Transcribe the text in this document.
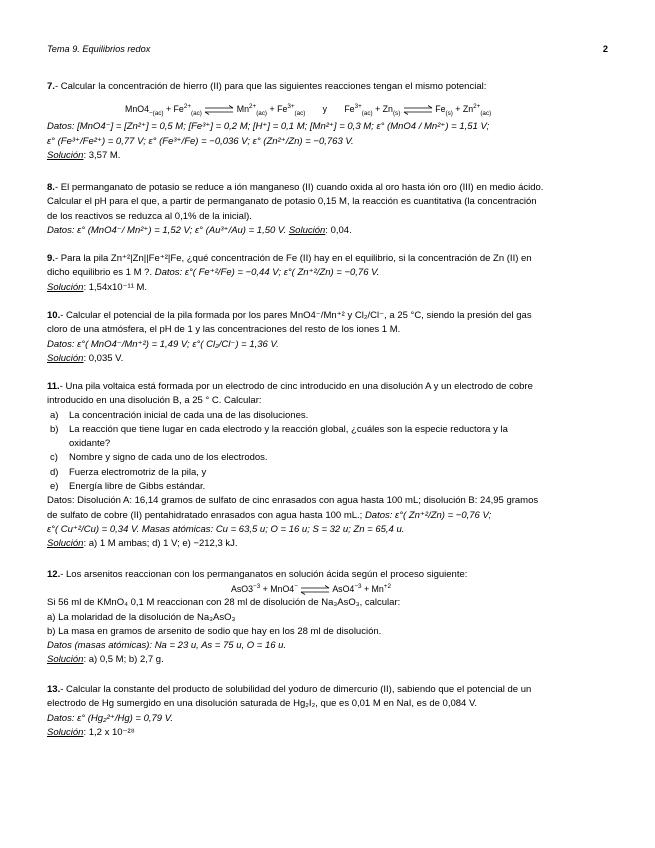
Tema 9. Equilibrios redox	2
7.- Calcular la concentración de hierro (II) para que las siguientes reacciones tengan el mismo potencial:
$MnO4_{-(ac)} + Fe^{2+}_{(ac)}$ ⇌ $Mn^{2+}_{(ac)} + Fe^{3+}_{(ac)}$ y $Fe^{3+}_{(ac)} + Zn_{(s)}$ ⇌ $Fe_{(s)} + Zn^{2+}_{(ac)}$
Datos: [MnO4⁻] = [Zn²⁺] = 0,5 M; [Fe³⁺] = 0,2 M; [H⁺] = 0,1 M; [Mn²⁺] = 0,3 M; ε° (MnO4 / Mn²⁺) = 1,51 V;
ε° (Fe³⁺/Fe²⁺) = 0,77 V; ε° (Fe³⁺/Fe) = −0,036 V; ε° (Zn²⁺/Zn) = −0,763 V.
Solución: 3,57 M.
8.- El permanganato de potasio se reduce a ión manganeso (II) cuando oxida al oro hasta ión oro (III) en medio ácido.
Calcular el pH para el que, a partir de permanganato de potasio 0,15 M, la reacción es cuantitativa (la concentración
de los reactivos se reduzca al 0,1% de la inicial).
Datos: ε° (MnO4⁻/ Mn²⁺) = 1,52 V; ε° (Au³⁺/Au) = 1,50 V. Solución: 0,04.
9.- Para la pila Zn⁺²|Zn||Fe⁺²|Fe, ¿qué concentración de Fe (II) hay en el equilibrio, si la concentración de Zn (II) en
dicho equilibrio es 1 M ?. Datos: ε°( Fe⁺²/Fe) = −0,44 V; ε°( Zn⁺²/Zn) = −0,76 V.
Solución: 1,54x10⁻¹¹ M.
10.- Calcular el potencial de la pila formada por los pares MnO4⁻/Mn⁺² y Cl₂/Cl⁻, a 25 °C, siendo la presión del gas
cloro de una atmósfera, el pH de 1 y las concentraciones del resto de los iones 1 M.
Datos: ε°( MnO4⁻/Mn⁺²) = 1,49 V; ε°( Cl₂/Cl⁻) = 1,36 V.
Solución: 0,035 V.
11.- Una pila voltaica está formada por un electrodo de cinc introducido en una disolución A y un electrodo de cobre
introducido en una disolución B, a 25 ° C. Calcular:
a) La concentración inicial de cada una de las disoluciones.
b) La reacción que tiene lugar en cada electrodo y la reacción global, ¿cuáles son la especie reductora y la
oxidante?
c) Nombre y signo de cada uno de los electrodos.
d) Fuerza electromotriz de la pila, y
e) Energía libre de Gibbs estándar.
Datos: Disolución A: 16,14 gramos de sulfato de cinc enrasados con agua hasta 100 mL; disolución B: 24,95 gramos
de sulfato de cobre (II) pentahidratado enrasados con agua hasta 100 mL.; Datos: ε°( Zn⁺²/Zn) = −0,76 V;
ε°( Cu⁺²/Cu) = 0,34 V. Masas atómicas: Cu = 63,5 u; O = 16 u; S = 32 u; Zn = 65,4 u.
Solución: a) 1 M ambas; d) 1 V; e) −212,3 kJ.
12.- Los arsenitos reaccionan con los permanganatos en solución ácida según el proceso siguiente:
$AsO3^{-3} + MnO4^-$ ⇌ $AsO4^{-3} + Mn^{+2}$
Si 56 ml de KMnO₄ 0,1 M reaccionan con 28 ml de disolución de Na₃AsO₃, calcular:
a) La molaridad de la disolución de Na₃AsO₃
b) La masa en gramos de arsenito de sodio que hay en los 28 ml de disolución.
Datos (masas atómicas): Na = 23 u, As = 75 u, O = 16 u.
Solución: a) 0,5 M; b) 2,7 g.
13.- Calcular la constante del producto de solubilidad del yoduro de dimercurio (II), sabiendo que el potencial de un
electrodo de Hg sumergido en una disolución saturada de Hg₂I₂, que es 0,01 M en NaI, es de 0,084 V.
Datos: ε° (Hg₂²⁺/Hg) = 0,79 V.
Solución: 1,2 x 10⁻²⁸
